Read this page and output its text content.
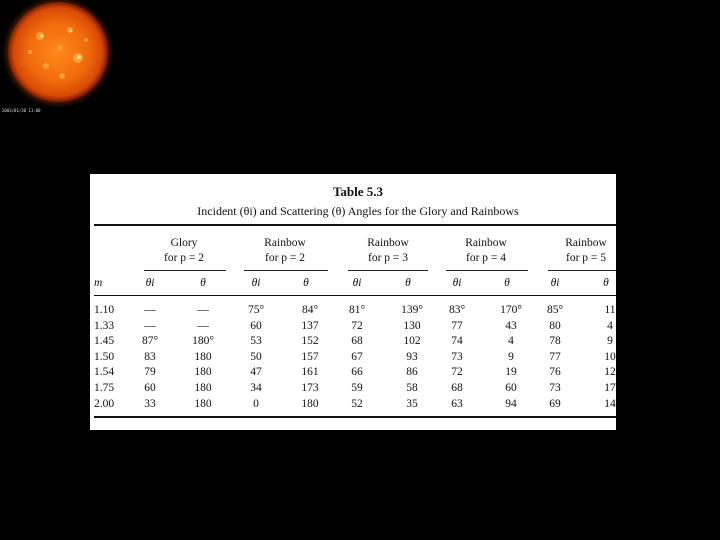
2003/01/30 11:00
Table 5.3
Incident (θi) and Scattering (θ) Angles for the Glory and Rainbows
Glory
for p = 2
Rainbow
for p = 2
Rainbow
for p = 3
Rainbow
for p = 4
Rainbow
for p = 5
m	θi	θ	θi	θ	θi	θ	θi	θ	θi	θ
1.10	—	—	75°	84°	81°	139°	83°	170°	85°	11
1.33	—	—	60	137	72	130	77	43	80	4
1.45	87°	180°	53	152	68	102	74	4	78	9
1.50	83	180	50	157	67	93	73	9	77	10
1.54	79	180	47	161	66	86	72	19	76	12
1.75	60	180	34	173	59	58	68	60	73	17
2.00	33	180	0	180	52	35	63	94	69	14
